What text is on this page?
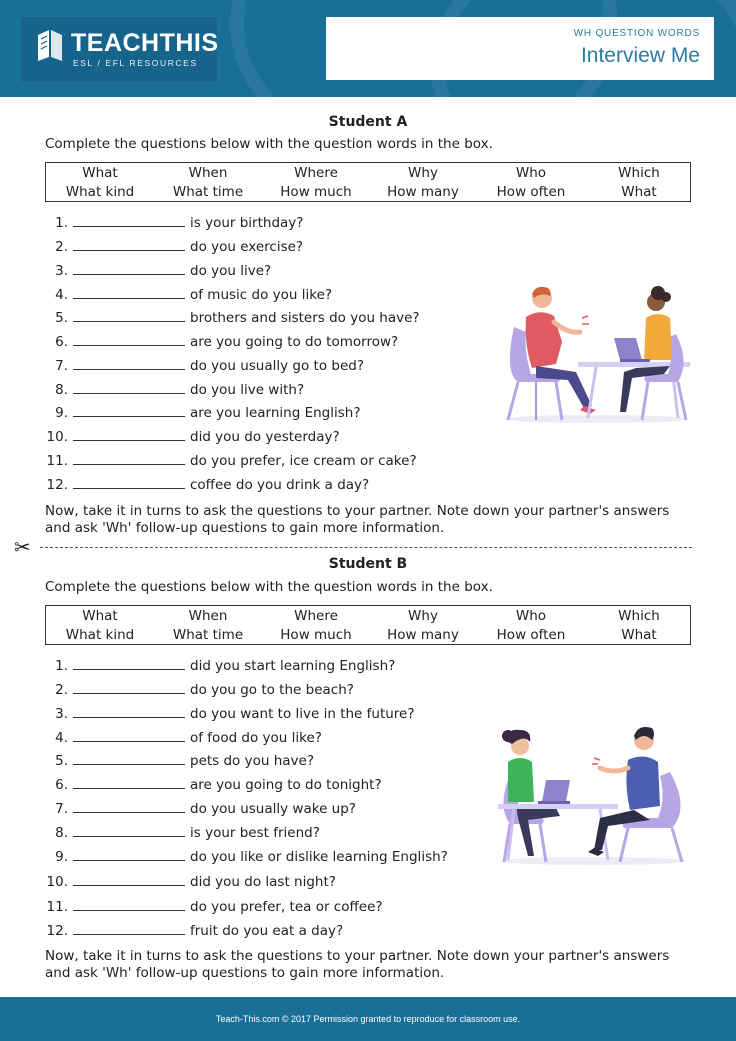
TEACHTHIS
ESL / EFL RESOURCES
WH QUESTION WORDS
Interview Me
Student A
Complete the questions below with the question words in the box.
What	When	Where	Why	Who	Which
What kind	What time	How much	How many	How often	What
1.	is your birthday?
2.	do you exercise?
3.	do you live?
4.	of music do you like?
5.	brothers and sisters do you have?
6.	are you going to do tomorrow?
7.	do you usually go to bed?
8.	do you live with?
9.	are you learning English?
10.	did you do yesterday?
11.	do you prefer, ice cream or cake?
12.	coffee do you drink a day?
Now, take it in turns to ask the questions to your partner. Note down your partner's answers
and ask 'Wh' follow-up questions to gain more information.
✂
Student B
Complete the questions below with the question words in the box.
What	When	Where	Why	Who	Which
What kind	What time	How much	How many	How often	What
1.	did you start learning English?
2.	do you go to the beach?
3.	do you want to live in the future?
4.	of food do you like?
5.	pets do you have?
6.	are you going to do tonight?
7.	do you usually wake up?
8.	is your best friend?
9.	do you like or dislike learning English?
10.	did you do last night?
11.	do you prefer, tea or coffee?
12.	fruit do you eat a day?
Now, take it in turns to ask the questions to your partner. Note down your partner's answers
and ask 'Wh' follow-up questions to gain more information.
Teach-This.com © 2017 Permission granted to reproduce for classroom use.
